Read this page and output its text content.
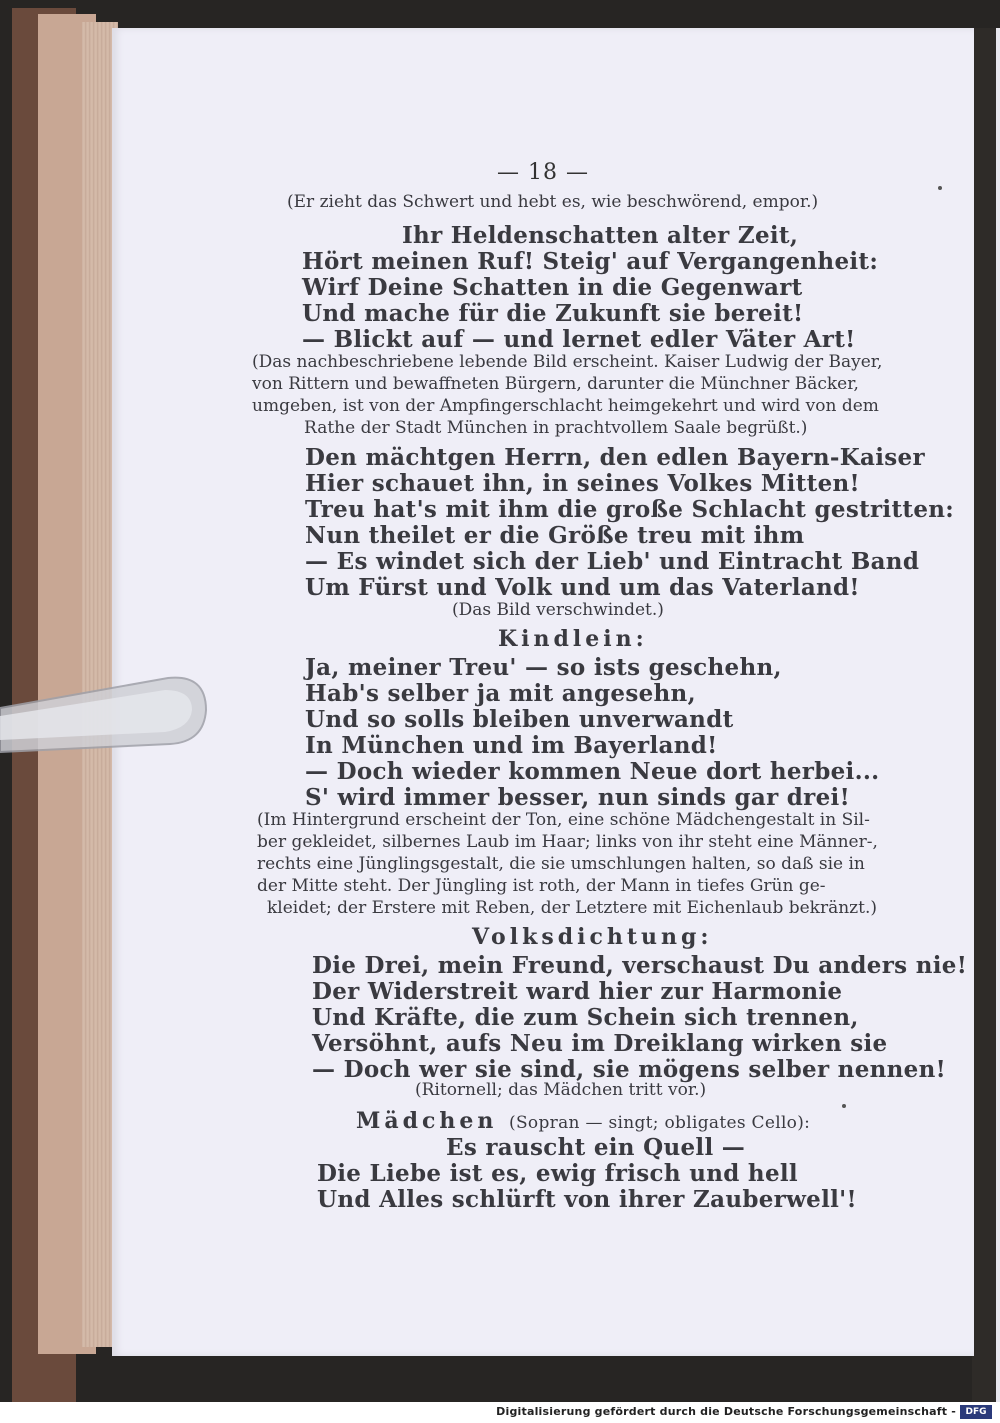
— 18 —
(Er zieht das Schwert und hebt es, wie beschwörend, empor.)
Ihr Heldenschatten alter Zeit,
Hört meinen Ruf! Steig' auf Vergangenheit:
Wirf Deine Schatten in die Gegenwart
Und mache für die Zukunft sie bereit!
— Blickt auf — und lernet edler Väter Art!
(Das nachbeschriebene lebende Bild erscheint. Kaiser Ludwig der Bayer,
von Rittern und bewaffneten Bürgern, darunter die Münchner Bäcker,
umgeben, ist von der Ampfingerschlacht heimgekehrt und wird von dem
Rathe der Stadt München in prachtvollem Saale begrüßt.)
Den mächtgen Herrn, den edlen Bayern-Kaiser
Hier schauet ihn, in seines Volkes Mitten!
Treu hat's mit ihm die große Schlacht gestritten:
Nun theilet er die Größe treu mit ihm
— Es windet sich der Lieb' und Eintracht Band
Um Fürst und Volk und um das Vaterland!
(Das Bild verschwindet.)
Kindlein:
Ja, meiner Treu' — so ists geschehn,
Hab's selber ja mit angesehn,
Und so solls bleiben unverwandt
In München und im Bayerland!
— Doch wieder kommen Neue dort herbei...
S' wird immer besser, nun sinds gar drei!
(Im Hintergrund erscheint der Ton, eine schöne Mädchengestalt in Sil-
ber gekleidet, silbernes Laub im Haar; links von ihr steht eine Männer-,
rechts eine Jünglingsgestalt, die sie umschlungen halten, so daß sie in
der Mitte steht. Der Jüngling ist roth, der Mann in tiefes Grün ge-
kleidet; der Erstere mit Reben, der Letztere mit Eichenlaub bekränzt.)
Volksdichtung:
Die Drei, mein Freund, verschaust Du anders nie!
Der Widerstreit ward hier zur Harmonie
Und Kräfte, die zum Schein sich trennen,
Versöhnt, aufs Neu im Dreiklang wirken sie
— Doch wer sie sind, sie mögens selber nennen!
(Ritornell; das Mädchen tritt vor.)
Mädchen (Sopran — singt; obligates Cello):
Es rauscht ein Quell —
Die Liebe ist es, ewig frisch und hell
Und Alles schlürft von ihrer Zauberwell'!
Digitalisierung gefördert durch die Deutsche Forschungsgemeinschaft -	DFG
